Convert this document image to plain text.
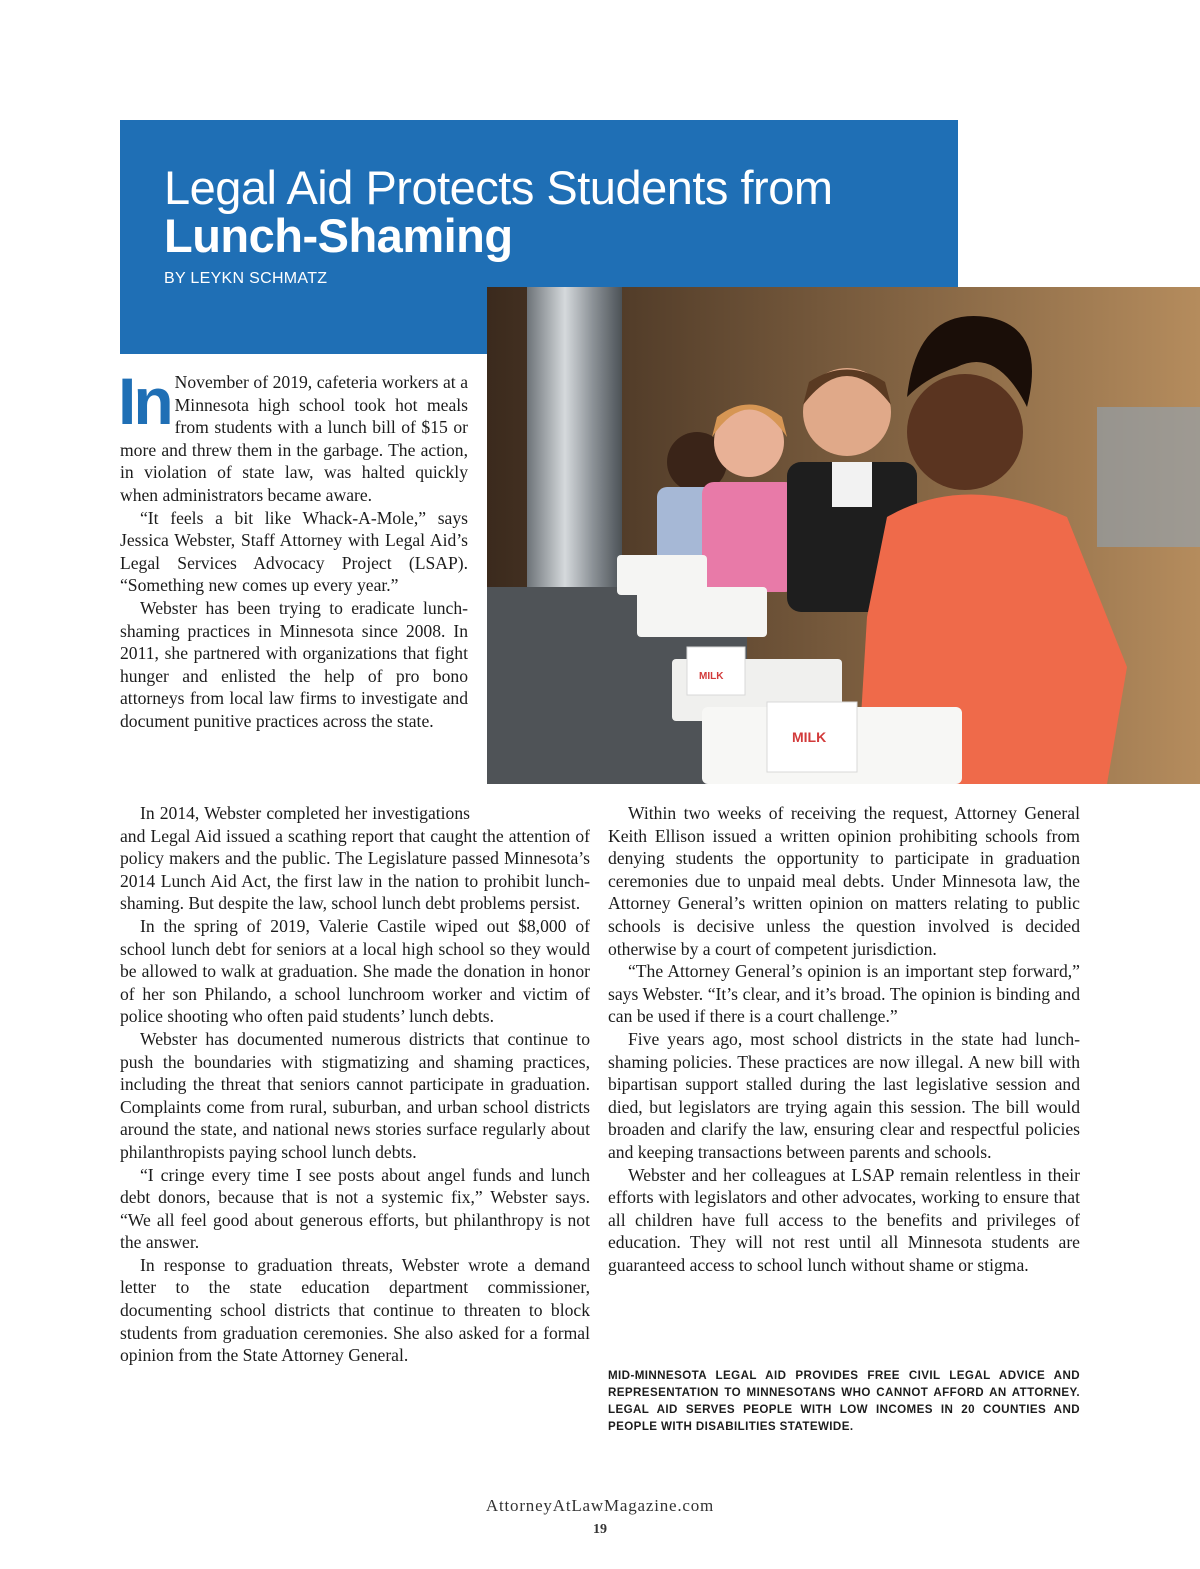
Legal Aid Protects Students from Lunch-Shaming
BY LEYKN SCHMATZ
MILK
MILK

In November of 2019, cafeteria workers at a Minnesota high school took hot meals from students with a lunch bill of $15 or more and threw them in the garbage. The action, in violation of state law, was halted quickly when administrators became aware.

“It feels a bit like Whack-A-Mole,” says Jessica Webster, Staff Attorney with Legal Aid’s Legal Services Advocacy Project (LSAP). “Something new comes up every year.”

Webster has been trying to eradicate lunch-shaming practices in Minnesota since 2008. In 2011, she partnered with organizations that fight hunger and enlisted the help of pro bono attorneys from local law firms to investigate and document punitive practices across the state.

In 2014, Webster completed her investigations and Legal Aid issued a scathing report that caught the attention of policy makers and the public. The Legislature passed Minnesota’s 2014 Lunch Aid Act, the first law in the nation to prohibit lunch-shaming. But despite the law, school lunch debt problems persist.

In the spring of 2019, Valerie Castile wiped out $8,000 of school lunch debt for seniors at a local high school so they would be allowed to walk at graduation. She made the donation in honor of her son Philando, a school lunchroom worker and victim of police shooting who often paid students’ lunch debts.

Webster has documented numerous districts that continue to push the boundaries with stigmatizing and shaming practices, including the threat that seniors cannot participate in graduation. Complaints come from rural, suburban, and urban school districts around the state, and national news stories surface regularly about philanthropists paying school lunch debts.

“I cringe every time I see posts about angel funds and lunch debt donors, because that is not a systemic fix,” Webster says. “We all feel good about generous efforts, but philanthropy is not the answer.

In response to graduation threats, Webster wrote a demand letter to the state education department commissioner, documenting school districts that continue to threaten to block students from graduation ceremonies. She also asked for a formal opinion from the State Attorney General.

Within two weeks of receiving the request, Attorney General Keith Ellison issued a written opinion prohibiting schools from denying students the opportunity to participate in graduation ceremonies due to unpaid meal debts. Under Minnesota law, the Attorney General’s written opinion on matters relating to public schools is decisive unless the question involved is decided otherwise by a court of competent jurisdiction.

“The Attorney General’s opinion is an important step forward,” says Webster. “It’s clear, and it’s broad. The opinion is binding and can be used if there is a court challenge.”

Five years ago, most school districts in the state had lunch-shaming policies. These practices are now illegal. A new bill with bipartisan support stalled during the last legislative session and died, but legislators are trying again this session. The bill would broaden and clarify the law, ensuring clear and respectful policies and keeping transactions between parents and schools.

Webster and her colleagues at LSAP remain relentless in their efforts with legislators and other advocates, working to ensure that all children have full access to the benefits and privileges of education. They will not rest until all Minnesota students are guaranteed access to school lunch without shame or stigma.

MID-MINNESOTA LEGAL AID PROVIDES FREE CIVIL LEGAL ADVICE AND REPRESENTATION TO MINNESOTANS WHO CANNOT AFFORD AN ATTORNEY. LEGAL AID SERVES PEOPLE WITH LOW INCOMES IN 20 COUNTIES AND PEOPLE WITH DISABILITIES STATEWIDE.

AttorneyAtLawMagazine.com
19
